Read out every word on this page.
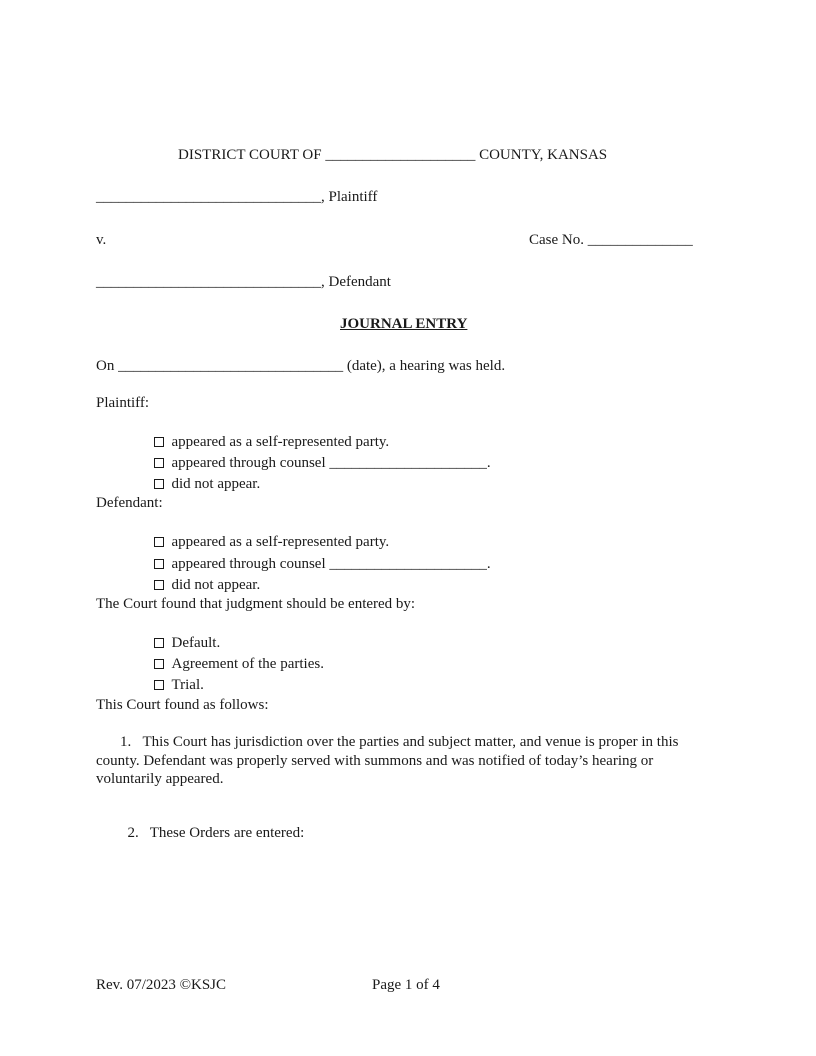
DISTRICT COURT OF ____________________ COUNTY, KANSAS
______________________________, Plaintiff
v.	Case No. ______________
______________________________, Defendant
JOURNAL ENTRY
On ______________________________ (date), a hearing was held.
Plaintiff:

appeared as a self-represented party.

appeared through counsel _____________________.

did not appear.

Defendant:

appeared as a self-represented party.

appeared through counsel _____________________.

did not appear.

The Court found that judgment should be entered by:

Default.

Agreement of the parties.

Trial.

This Court found as follows:
1. This Court has jurisdiction over the parties and subject matter, and venue is proper in this county. Defendant was properly served with summons and was notified of today’s hearing or voluntarily appeared.

2. These Orders are entered:

Rev. 07/2023 ©KSJC	Page 1 of 4
